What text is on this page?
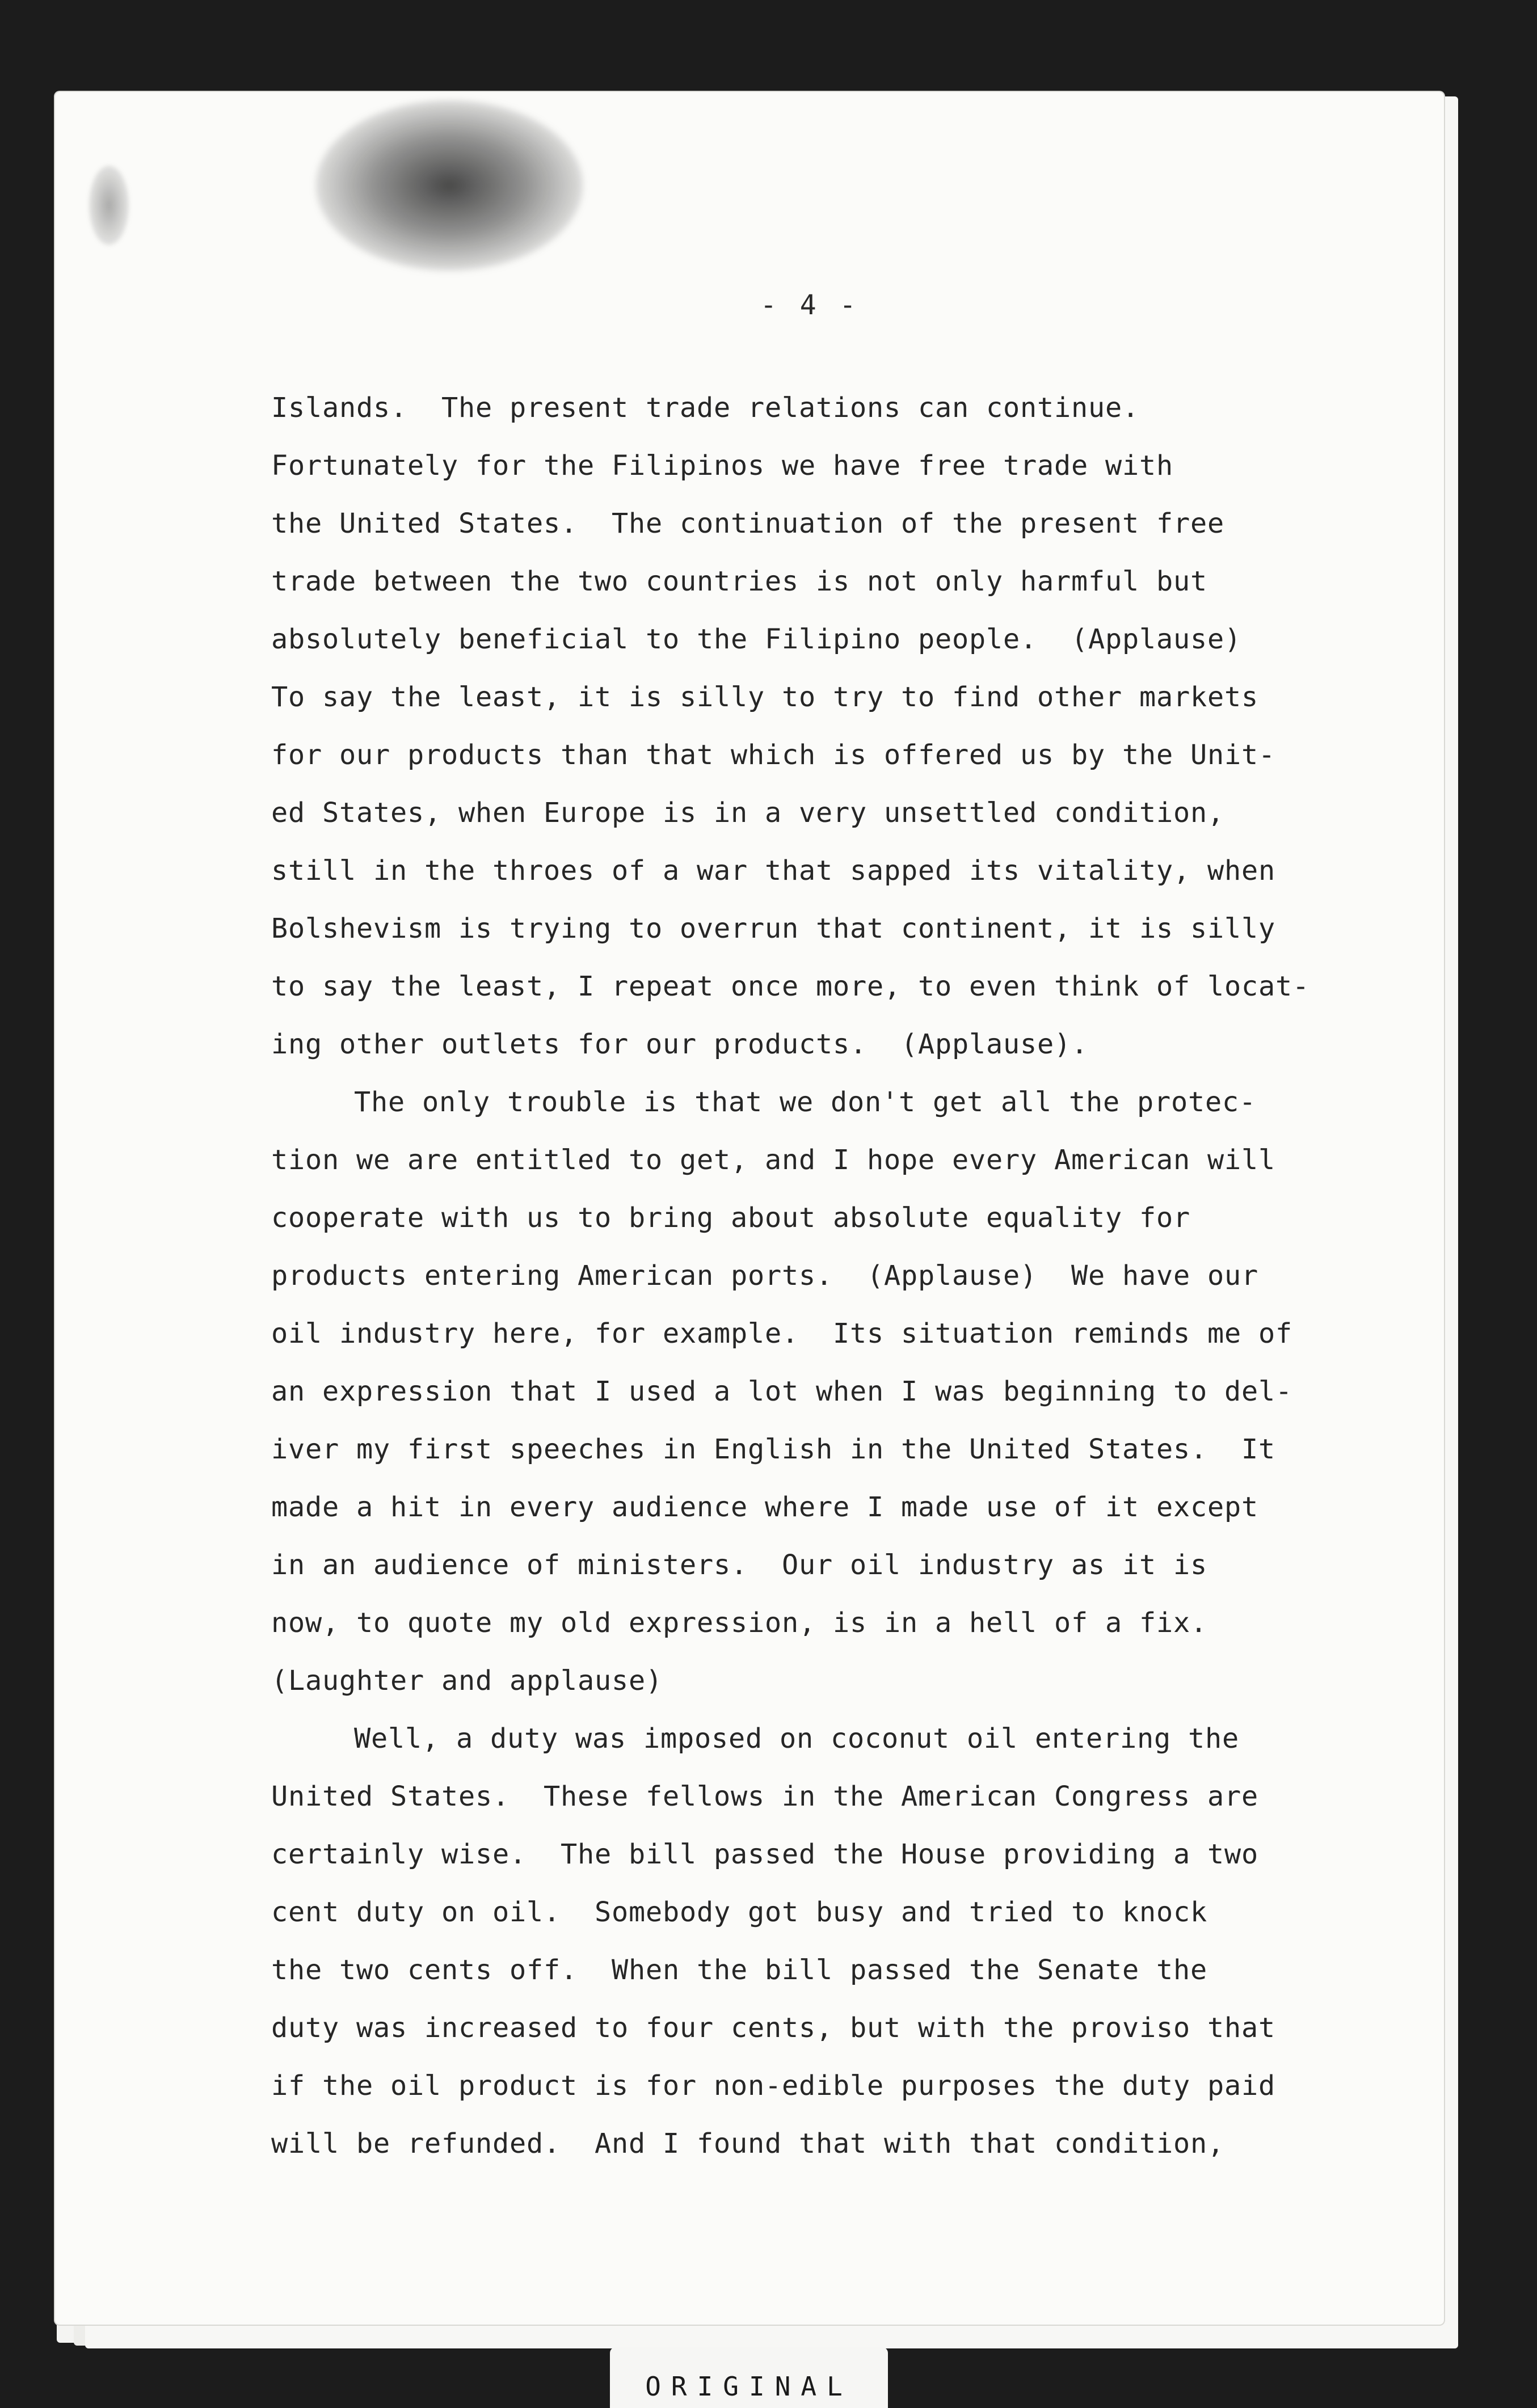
- 4 -
Islands.  The present trade relations can continue.
Fortunately for the Filipinos we have free trade with
the United States.  The continuation of the present free
trade between the two countries is not only harmful but
absolutely beneficial to the Filipino people.  (Applause)
To say the least, it is silly to try to find other markets
for our products than that which is offered us by the Unit-
ed States, when Europe is in a very unsettled condition,
still in the throes of a war that sapped its vitality, when
Bolshevism is trying to overrun that continent, it is silly
to say the least, I repeat once more, to even think of locat-
ing other outlets for our products.  (Applause).
The only trouble is that we don't get all the protec-
tion we are entitled to get, and I hope every American will
cooperate with us to bring about absolute equality for
products entering American ports.  (Applause)  We have our
oil industry here, for example.  Its situation reminds me of
an expression that I used a lot when I was beginning to del-
iver my first speeches in English in the United States.  It
made a hit in every audience where I made use of it except
in an audience of ministers.  Our oil industry as it is
now, to quote my old expression, is in a hell of a fix.
(Laughter and applause)
Well, a duty was imposed on coconut oil entering the
United States.  These fellows in the American Congress are
certainly wise.  The bill passed the House providing a two
cent duty on oil.  Somebody got busy and tried to knock
the two cents off.  When the bill passed the Senate the
duty was increased to four cents, but with the proviso that
if the oil product is for non-edible purposes the duty paid
will be refunded.  And I found that with that condition,
ORIGINAL
